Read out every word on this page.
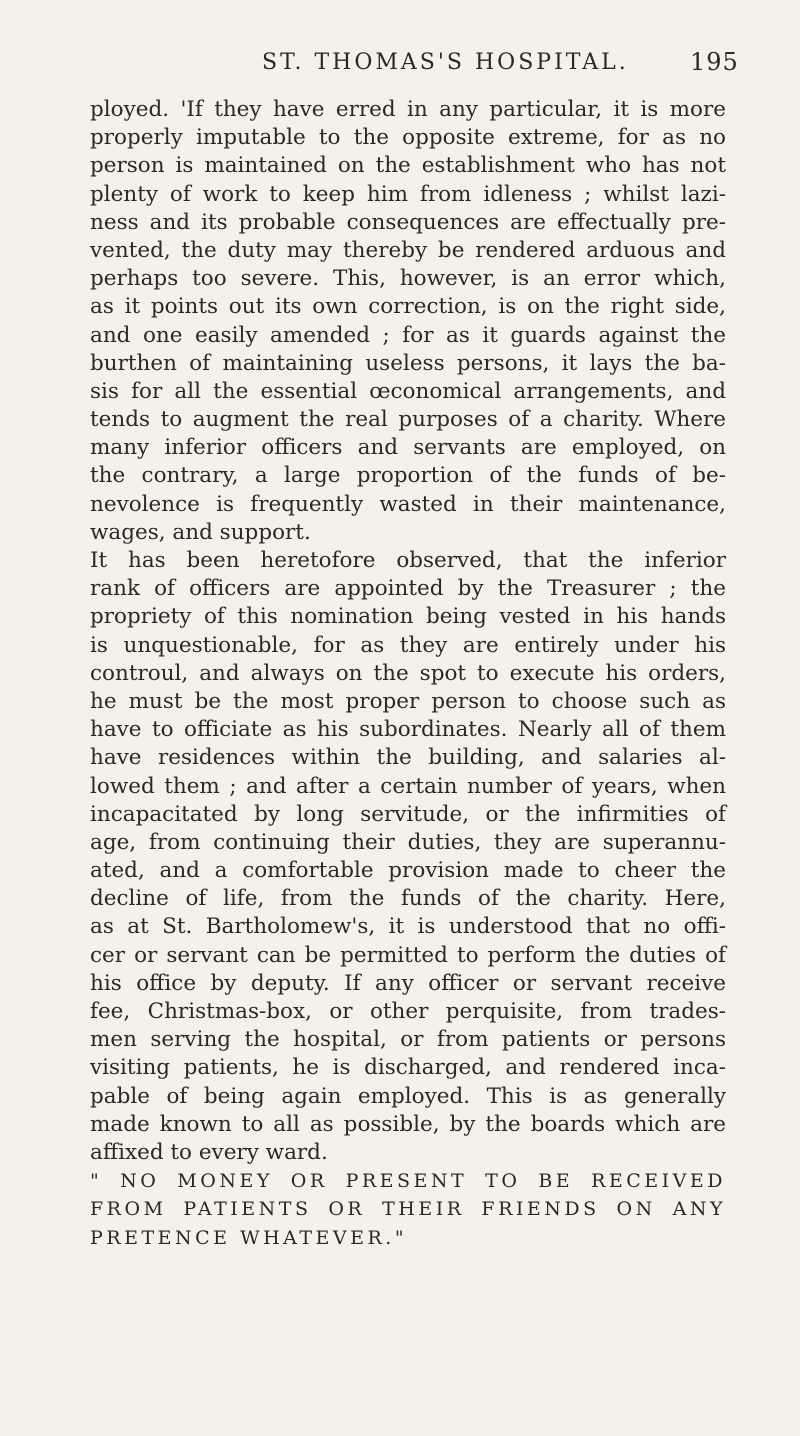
ST. THOMAS'S HOSPITAL.	195
ployed. 'If they have erred in any particular, it is more
properly imputable to the opposite extreme, for as no
person is maintained on the establishment who has not
plenty of work to keep him from idleness ; whilst lazi-
ness and its probable consequences are effectually pre-
vented, the duty may thereby be rendered arduous and
perhaps too severe. This, however, is an error which,
as it points out its own correction, is on the right side,
and one easily amended ; for as it guards against the
burthen of maintaining useless persons, it lays the ba-
sis for all the essential œconomical arrangements, and
tends to augment the real purposes of a charity. Where
many inferior officers and servants are employed, on
the contrary, a large proportion of the funds of be-
nevolence is frequently wasted in their maintenance,
wages, and support.
It has been heretofore observed, that the inferior
rank of officers are appointed by the Treasurer ; the
propriety of this nomination being vested in his hands
is unquestionable, for as they are entirely under his
controul, and always on the spot to execute his orders,
he must be the most proper person to choose such as
have to officiate as his subordinates. Nearly all of them
have residences within the building, and salaries al-
lowed them ; and after a certain number of years, when
incapacitated by long servitude, or the infirmities of
age, from continuing their duties, they are superannu-
ated, and a comfortable provision made to cheer the
decline of life, from the funds of the charity. Here,
as at St. Bartholomew's, it is understood that no offi-
cer or servant can be permitted to perform the duties of
his office by deputy. If any officer or servant receive
fee, Christmas-box, or other perquisite, from trades-
men serving the hospital, or from patients or persons
visiting patients, he is discharged, and rendered inca-
pable of being again employed. This is as generally
made known to all as possible, by the boards which are
affixed to every ward.
" NO MONEY OR PRESENT TO BE RECEIVED
FROM PATIENTS OR THEIR FRIENDS ON ANY
PRETENCE WHATEVER."
